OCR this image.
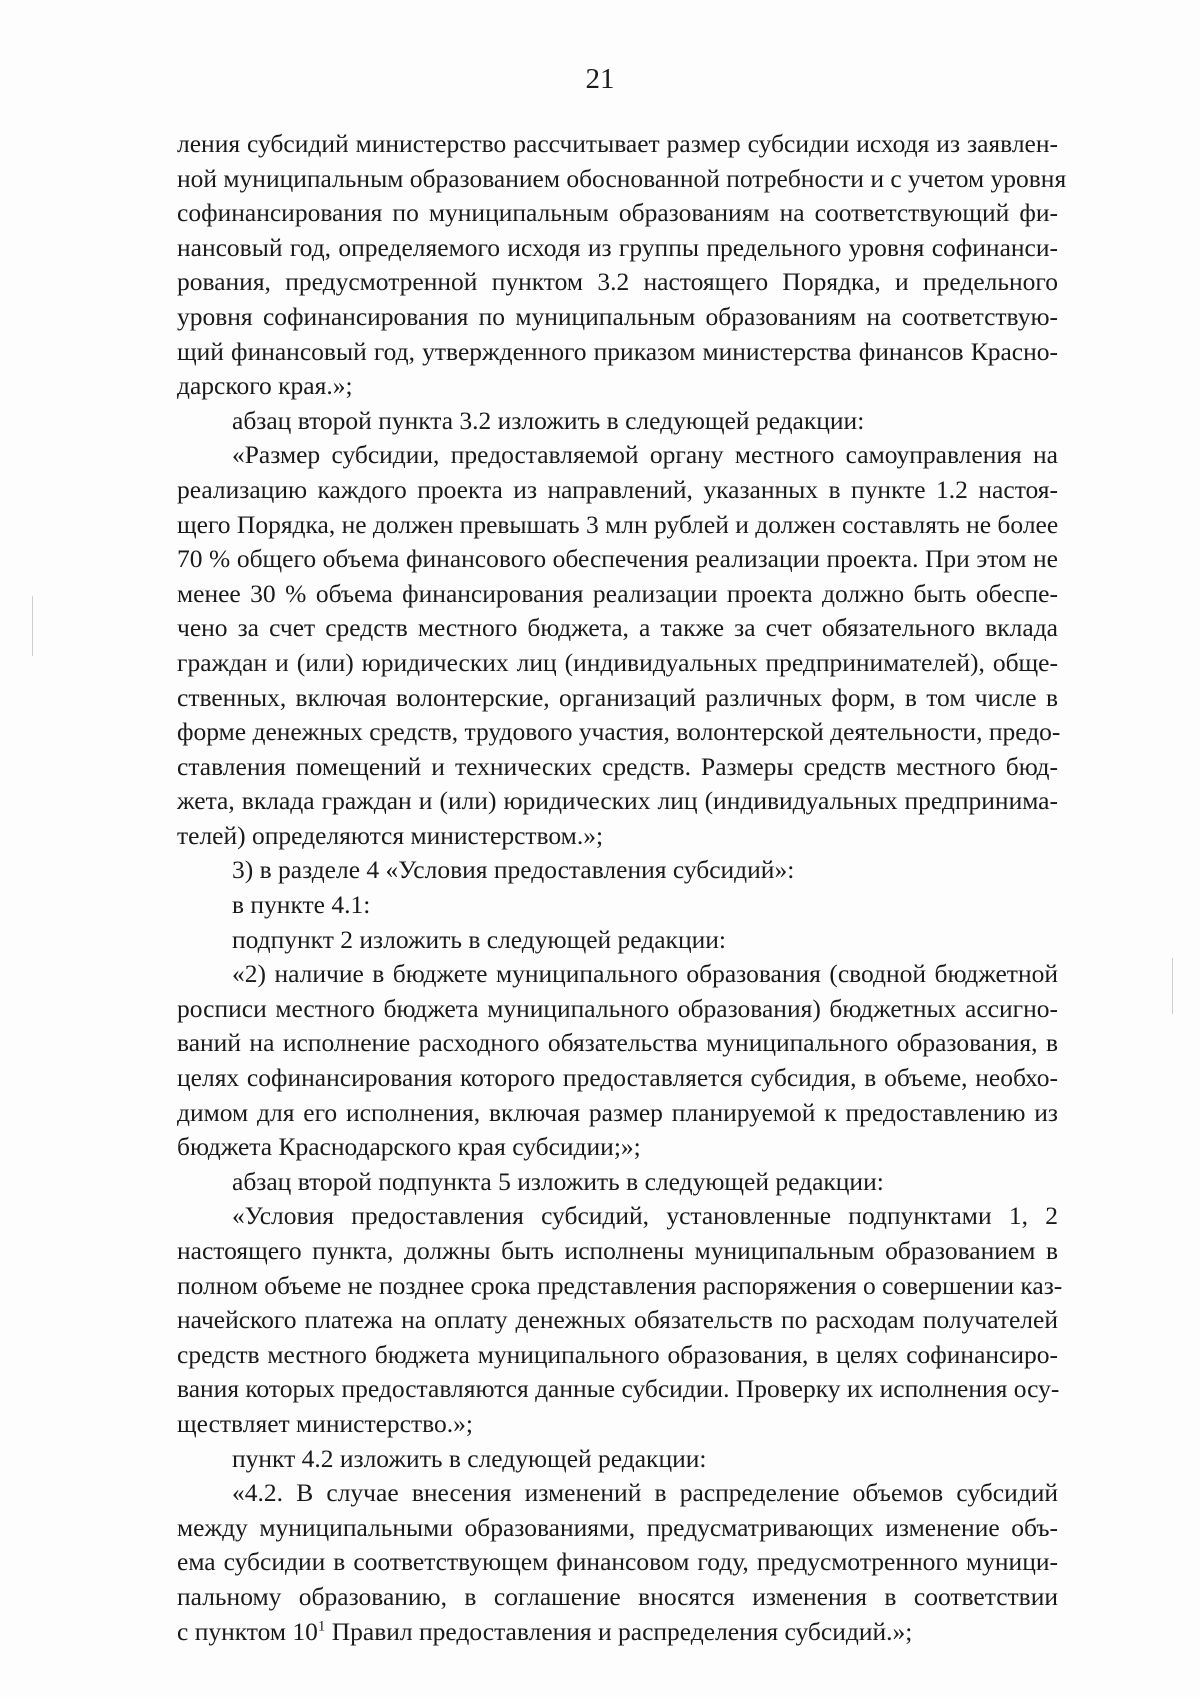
21
ления субсидий министерство рассчитывает размер субсидии исходя из заявлен-
ной муниципальным образованием обоснованной потребности и с учетом уровня
софинансирования по муниципальным образованиям на соответствующий фи-
нансовый год, определяемого исходя из группы предельного уровня софинанси-
рования, предусмотренной пунктом 3.2 настоящего Порядка, и предельного
уровня софинансирования по муниципальным образованиям на соответствую-
щий финансовый год, утвержденного приказом министерства финансов Красно-
дарского края.»;
абзац второй пункта 3.2 изложить в следующей редакции:
«Размер субсидии, предоставляемой органу местного самоуправления на
реализацию каждого проекта из направлений, указанных в пункте 1.2 настоя-
щего Порядка, не должен превышать 3 млн рублей и должен составлять не более
70 % общего объема финансового обеспечения реализации проекта. При этом не
менее 30 % объема финансирования реализации проекта должно быть обеспе-
чено за счет средств местного бюджета, а также за счет обязательного вклада
граждан и (или) юридических лиц (индивидуальных предпринимателей), обще-
ственных, включая волонтерские, организаций различных форм, в том числе в
форме денежных средств, трудового участия, волонтерской деятельности, предо-
ставления помещений и технических средств. Размеры средств местного бюд-
жета, вклада граждан и (или) юридических лиц (индивидуальных предпринима-
телей) определяются министерством.»;
3) в разделе 4 «Условия предоставления субсидий»:
в пункте 4.1:
подпункт 2 изложить в следующей редакции:
«2) наличие в бюджете муниципального образования (сводной бюджетной
росписи местного бюджета муниципального образования) бюджетных ассигно-
ваний на исполнение расходного обязательства муниципального образования, в
целях софинансирования которого предоставляется субсидия, в объеме, необхо-
димом для его исполнения, включая размер планируемой к предоставлению из
бюджета Краснодарского края субсидии;»;
абзац второй подпункта 5 изложить в следующей редакции:
«Условия предоставления субсидий, установленные подпунктами 1, 2
настоящего пункта, должны быть исполнены муниципальным образованием в
полном объеме не позднее срока представления распоряжения о совершении каз-
начейского платежа на оплату денежных обязательств по расходам получателей
средств местного бюджета муниципального образования, в целях софинансиро-
вания которых предоставляются данные субсидии. Проверку их исполнения осу-
ществляет министерство.»;
пункт 4.2 изложить в следующей редакции:
«4.2. В случае внесения изменений в распределение объемов субсидий
между муниципальными образованиями, предусматривающих изменение объ-
ема субсидии в соответствующем финансовом году, предусмотренного муници-
пальному образованию, в соглашение вносятся изменения в соответствии
с пунктом $10^1$ Правил предоставления и распределения субсидий.»;
